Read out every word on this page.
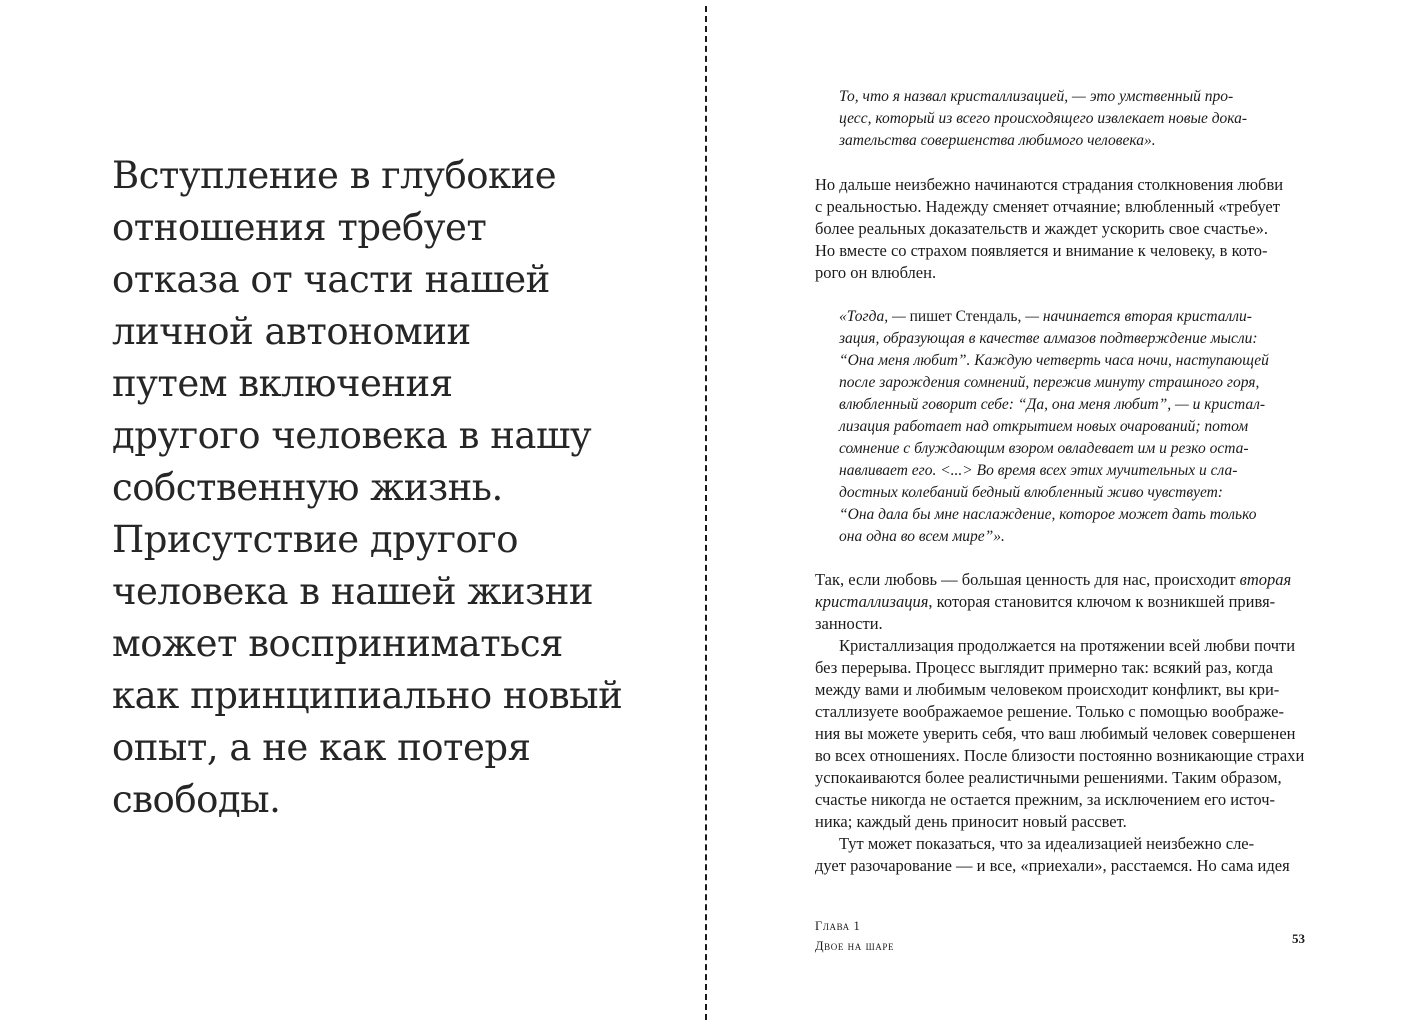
Вступление в глубокие
отношения требует
отказа от части нашей
личной автономии
путем включения
другого человека в нашу
собственную жизнь.
Присутствие другого
человека в нашей жизни
может восприниматься
как принципиально новый
опыт, а не как потеря
свободы.

То, что я назвал кристаллизацией, — это умственный про-
цесс, который из всего происходящего извлекает новые дока-
зательства совершенства любимого человека».
Но дальше неизбежно начинаются страдания столкновения любви
с реальностью. Надежду сменяет отчаяние; влюбленный «требует
более реальных доказательств и жаждет ускорить свое счастье».
Но вместе со страхом появляется и внимание к человеку, в кото-
рого он влюблен.
«Тогда, — пишет Стендаль, — начинается вторая кристалли-
зация, образующая в качестве алмазов подтверждение мысли:
“Она меня любит”. Каждую четверть часа ночи, наступающей
после зарождения сомнений, пережив минуту страшного горя,
влюбленный говорит себе: “Да, она меня любит”, — и кристал-
лизация работает над открытием новых очарований; потом
сомнение с блуждающим взором овладевает им и резко оста-
навливает его. <...> Во время всех этих мучительных и сла-
достных колебаний бедный влюбленный живо чувствует:
“Она дала бы мне наслаждение, которое может дать только
она одна во всем мире”».
Так, если любовь — большая ценность для нас, происходит вторая
кристаллизация, которая становится ключом к возникшей привя-
занности.
Кристаллизация продолжается на протяжении всей любви почти
без перерыва. Процесс выглядит примерно так: всякий раз, когда
между вами и любимым человеком происходит конфликт, вы кри-
сталлизуете воображаемое решение. Только с помощью воображе-
ния вы можете уверить себя, что ваш любимый человек совершенен
во всех отношениях. После близости постоянно возникающие страхи
успокаиваются более реалистичными решениями. Таким образом,
счастье никогда не остается прежним, за исключением его источ-
ника; каждый день приносит новый рассвет.
Тут может показаться, что за идеализацией неизбежно сле-
дует разочарование — и все, «приехали», расстаемся. Но сама идея
Глава 1
Двое на шаре	53
